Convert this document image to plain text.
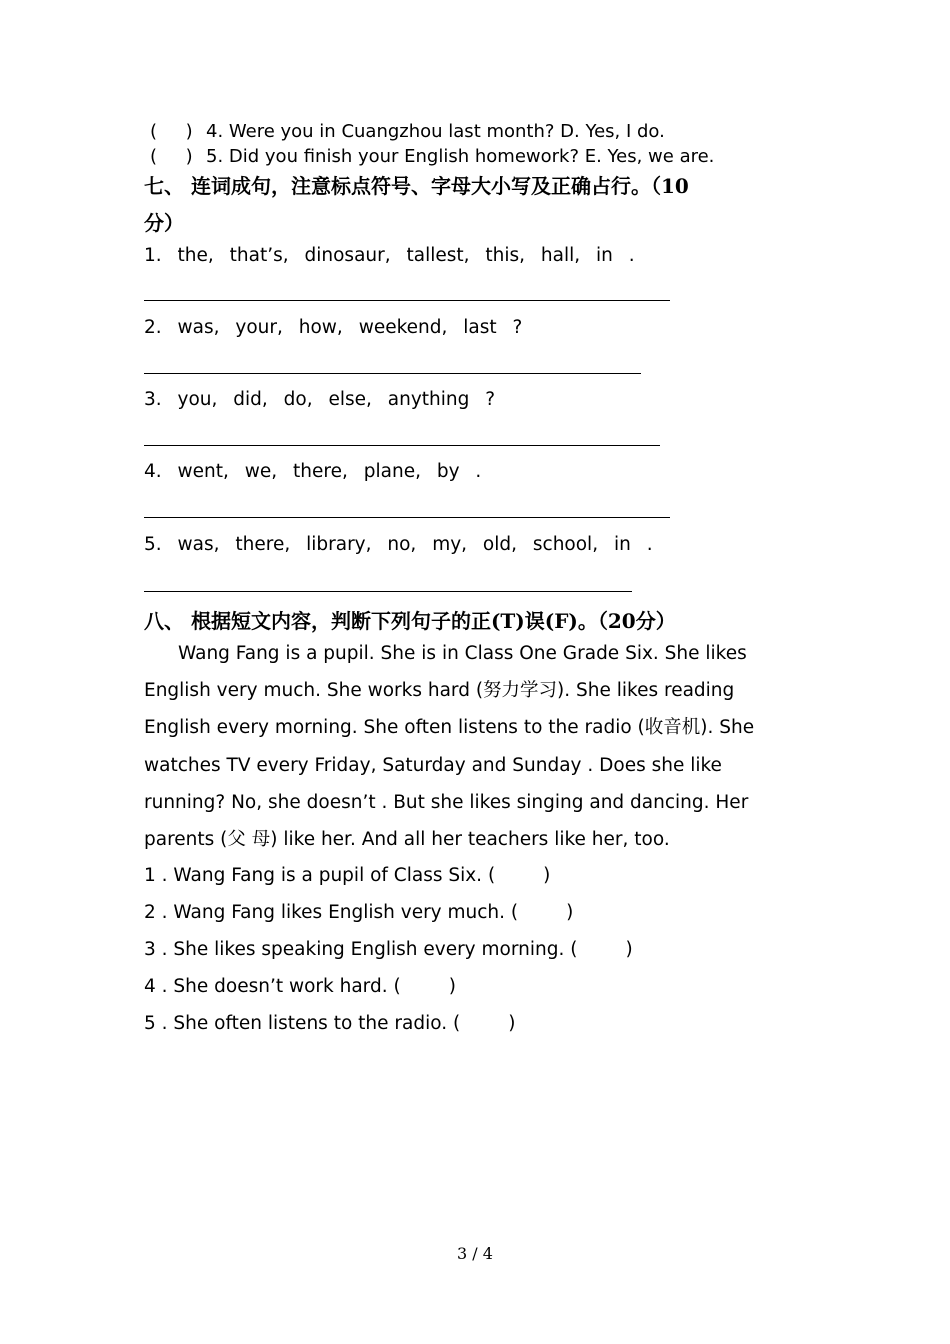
( ) 4. Were you in Cuangzhou last month? D. Yes, I do.
( ) 5. Did you finish your English homework? E. Yes, we are.
七、 连词成句，注意标点符号、字母大小写及正确占行。（10
分）
1. the, that’s, dinosaur, tallest, this, hall, in .
2. was, your, how, weekend, last ?
3. you, did, do, else, anything ?
4. went, we, there, plane, by .
5. was, there, library, no, my, old, school, in .
八、 根据短文内容，判断下列句子的正(T)误(F)。（20分）

Wang Fang is a pupil. She is in Class One Grade Six. She likes English very much. She works hard (努力学习). She likes reading English every morning. She often listens to the radio (收音机). She watches TV every Friday, Saturday and Sunday . Does she like running? No, she doesn’t . But she likes singing and dancing. Her parents (父 母) like her. And all her teachers like her, too.

1 . Wang Fang is a pupil of Class Six. (	)
2 . Wang Fang likes English very much. (	)
3 . She likes speaking English every morning. (	)
4 . She doesn’t work hard. (	)
5 . She often listens to the radio. (	)
3 / 4
